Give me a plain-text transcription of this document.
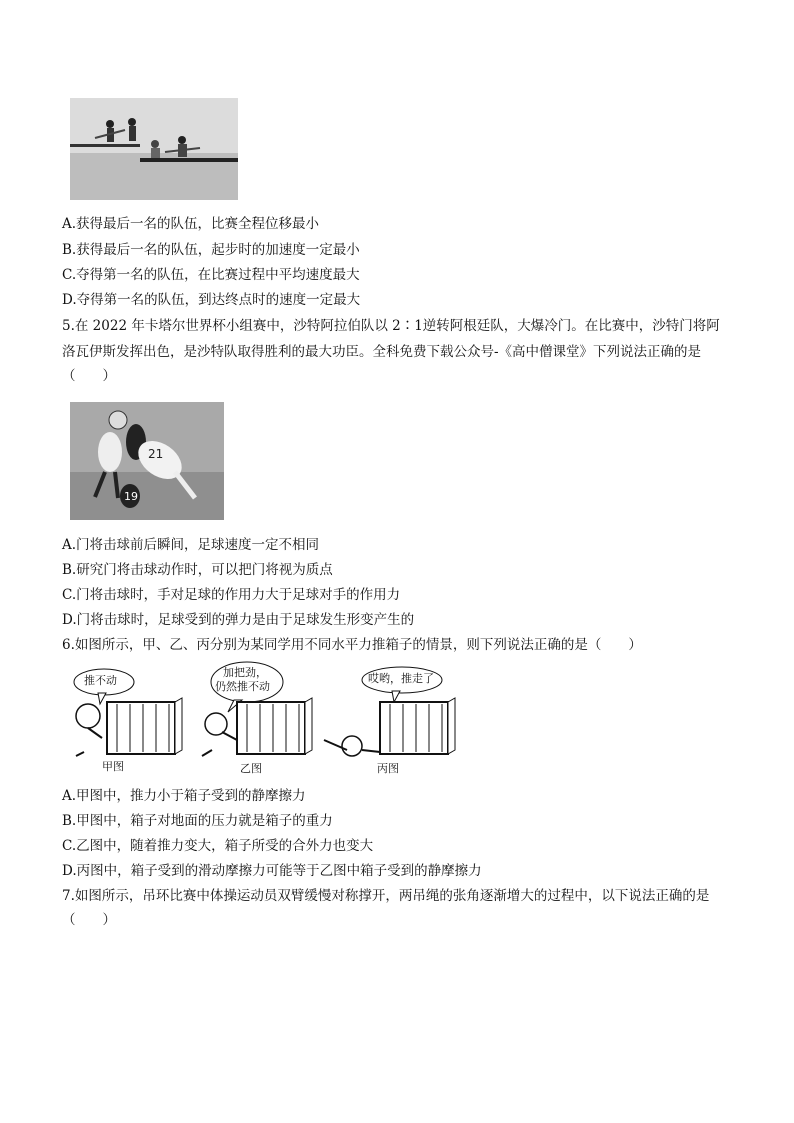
A.获得最后一名的队伍，比赛全程位移最小
B.获得最后一名的队伍，起步时的加速度一定最小
C.夺得第一名的队伍，在比赛过程中平均速度最大
D.夺得第一名的队伍，到达终点时的速度一定最大
5.在 2022 年卡塔尔世界杯小组赛中，沙特阿拉伯队以 2∶1逆转阿根廷队，大爆冷门。在比赛中，沙特门将阿
洛瓦伊斯发挥出色，是沙特队取得胜利的最大功臣。全科免费下载公众号-《高中僧课堂》下列说法正确的是
（　　）
21
19
A.门将击球前后瞬间，足球速度一定不相同
B.研究门将击球动作时，可以把门将视为质点
C.门将击球时，手对足球的作用力大于足球对手的作用力
D.门将击球时，足球受到的弹力是由于足球发生形变产生的
6.如图所示，甲、乙、丙分别为某同学用不同水平力推箱子的情景，则下列说法正确的是（　　）
推不动
加把劲，
仍然推不动
哎哟，推走了
甲图	乙图	丙图
A.甲图中，推力小于箱子受到的静摩擦力
B.甲图中，箱子对地面的压力就是箱子的重力
C.乙图中，随着推力变大，箱子所受的合外力也变大
D.丙图中，箱子受到的滑动摩擦力可能等于乙图中箱子受到的静摩擦力
7.如图所示，吊环比赛中体操运动员双臂缓慢对称撑开，两吊绳的张角逐渐增大的过程中，以下说法正确的是
（　　）
